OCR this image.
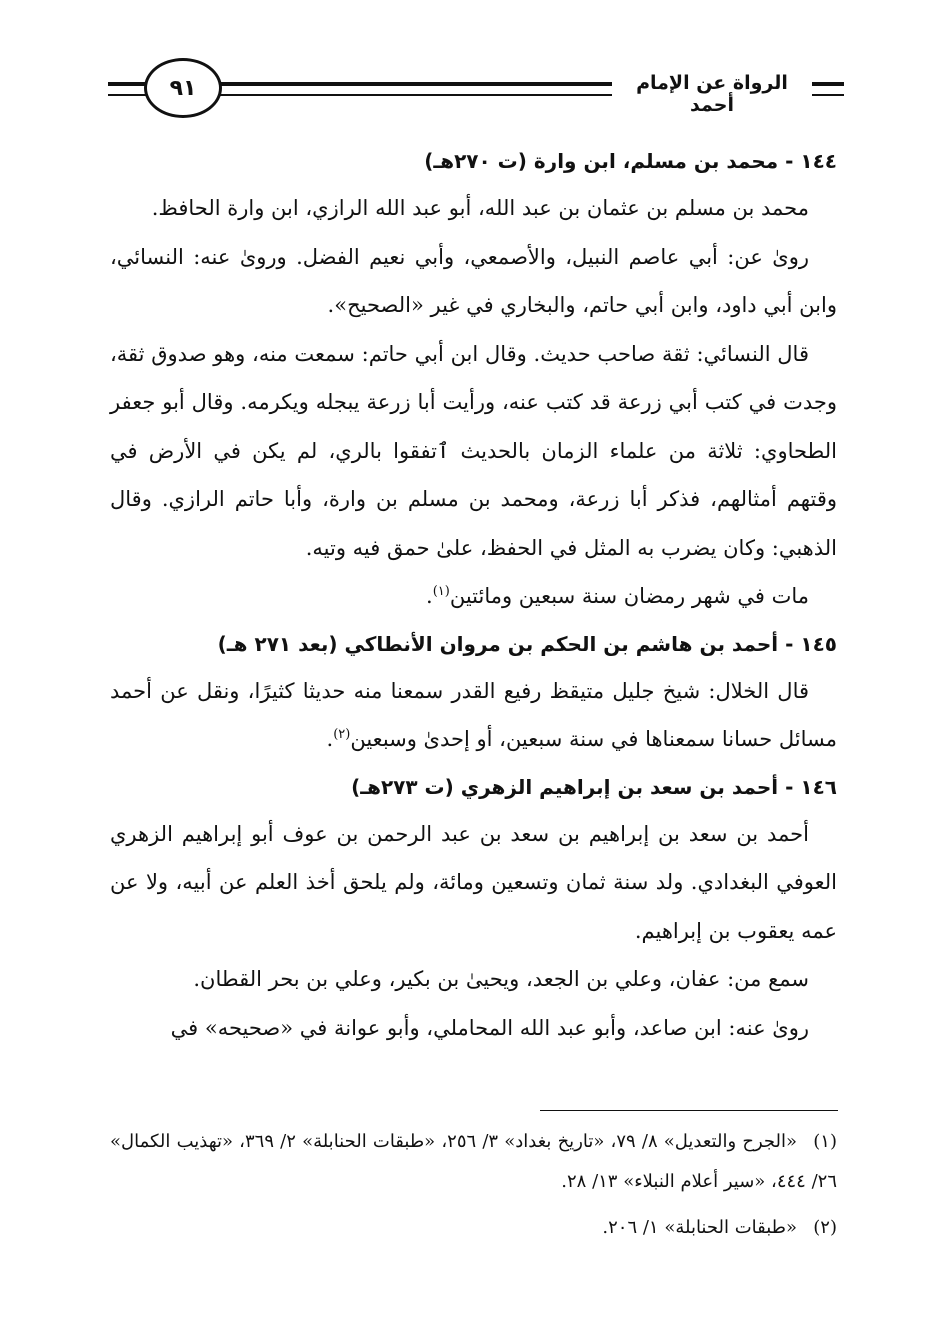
٩١	الرواة عن الإمام أحمد

١٤٤ - محمد بن مسلم، ابن وارة (ت ٢٧٠هـ)

محمد بن مسلم بن عثمان بن عبد الله، أبو عبد الله الرازي، ابن وارة الحافظ.

رویٰ عن: أبي عاصم النبيل، والأصمعي، وأبي نعيم الفضل. وروىٰ عنه: النسائي، وابن أبي داود، وابن أبي حاتم، والبخاري في غير «الصحيح».

قال النسائي: ثقة صاحب حديث. وقال ابن أبي حاتم: سمعت منه، وهو صدوق ثقة، وجدت في كتب أبي زرعة قد كتب عنه، ورأيت أبا زرعة يبجله ويكرمه. وقال أبو جعفر الطحاوي: ثلاثة من علماء الزمان بالحديث ٱتفقوا بالري، لم يكن في الأرض في وقتهم أمثالهم، فذكر أبا زرعة، ومحمد بن مسلم بن وارة، وأبا حاتم الرازي. وقال الذهبي: وكان يضرب به المثل في الحفظ، علىٰ حمق فيه وتيه.

مات في شهر رمضان سنة سبعين ومائتين$^{(١)}$.

١٤٥ - أحمد بن هاشم بن الحكم بن مروان الأنطاكي (بعد ٢٧١ هـ)

قال الخلال: شيخ جليل متيقظ رفيع القدر سمعنا منه حديثا كثيرًا، ونقل عن أحمد مسائل حسانا سمعناها في سنة سبعين، أو إحدىٰ وسبعين$^{(٢)}$.

١٤٦ - أحمد بن سعد بن إبراهيم الزهري (ت ٢٧٣هـ)

أحمد بن سعد بن إبراهيم بن سعد بن عبد الرحمن بن عوف أبو إبراهيم الزهري العوفي البغدادي. ولد سنة ثمان وتسعين ومائة، ولم يلحق أخذ العلم عن أبيه، ولا عن عمه يعقوب بن إبراهيم.

سمع من: عفان، وعلي بن الجعد، ويحيىٰ بن بكير، وعلي بن بحر القطان.

روىٰ عنه: ابن صاعد، وأبو عبد الله المحاملي، وأبو عوانة في «صحيحه» في

(١)«الجرح والتعديل» ٨/ ٧٩، «تاريخ بغداد» ٣/ ٢٥٦، «طبقات الحنابلة» ٢/ ٣٦٩، «تهذيب الكمال» ٢٦/ ٤٤٤، «سير أعلام النبلاء» ١٣/ ٢٨.

(٢)«طبقات الحنابلة» ١/ ٢٠٦.
